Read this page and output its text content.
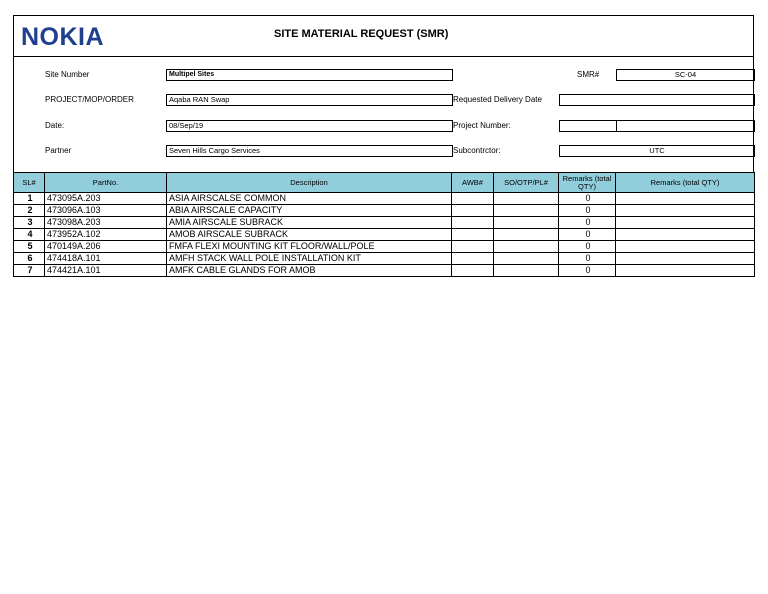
NOKIA	SITE MATERIAL REQUEST (SMR)
Site Number	Multipel Sites	SMR#	SC-04
PROJECT/MOP/ORDER	Aqaba RAN Swap	Requested Delivery Date
Date:	08/Sep/19	Project Number:
Partner	Seven Hills Cargo Services	Subcontrctor:	UTC
SL#	PartNo.	Description	AWB#	SO/OTP/PL#	Remarks (total QTY)	Remarks (total QTY)
1	473095A.203	ASIA AIRSCALSE COMMON			0	
2	473096A.103	ABIA AIRSCALE CAPACITY			0	
3	473098A.203	AMIA AIRSCALE SUBRACK			0	
4	473952A.102	AMOB AIRSCALE SUBRACK			0	
5	470149A.206	FMFA FLEXI MOUNTING KIT FLOOR/WALL/POLE			0	
6	474418A.101	AMFH STACK WALL POLE INSTALLATION KIT			0	
7	474421A.101	AMFK CABLE GLANDS FOR AMOB			0	
